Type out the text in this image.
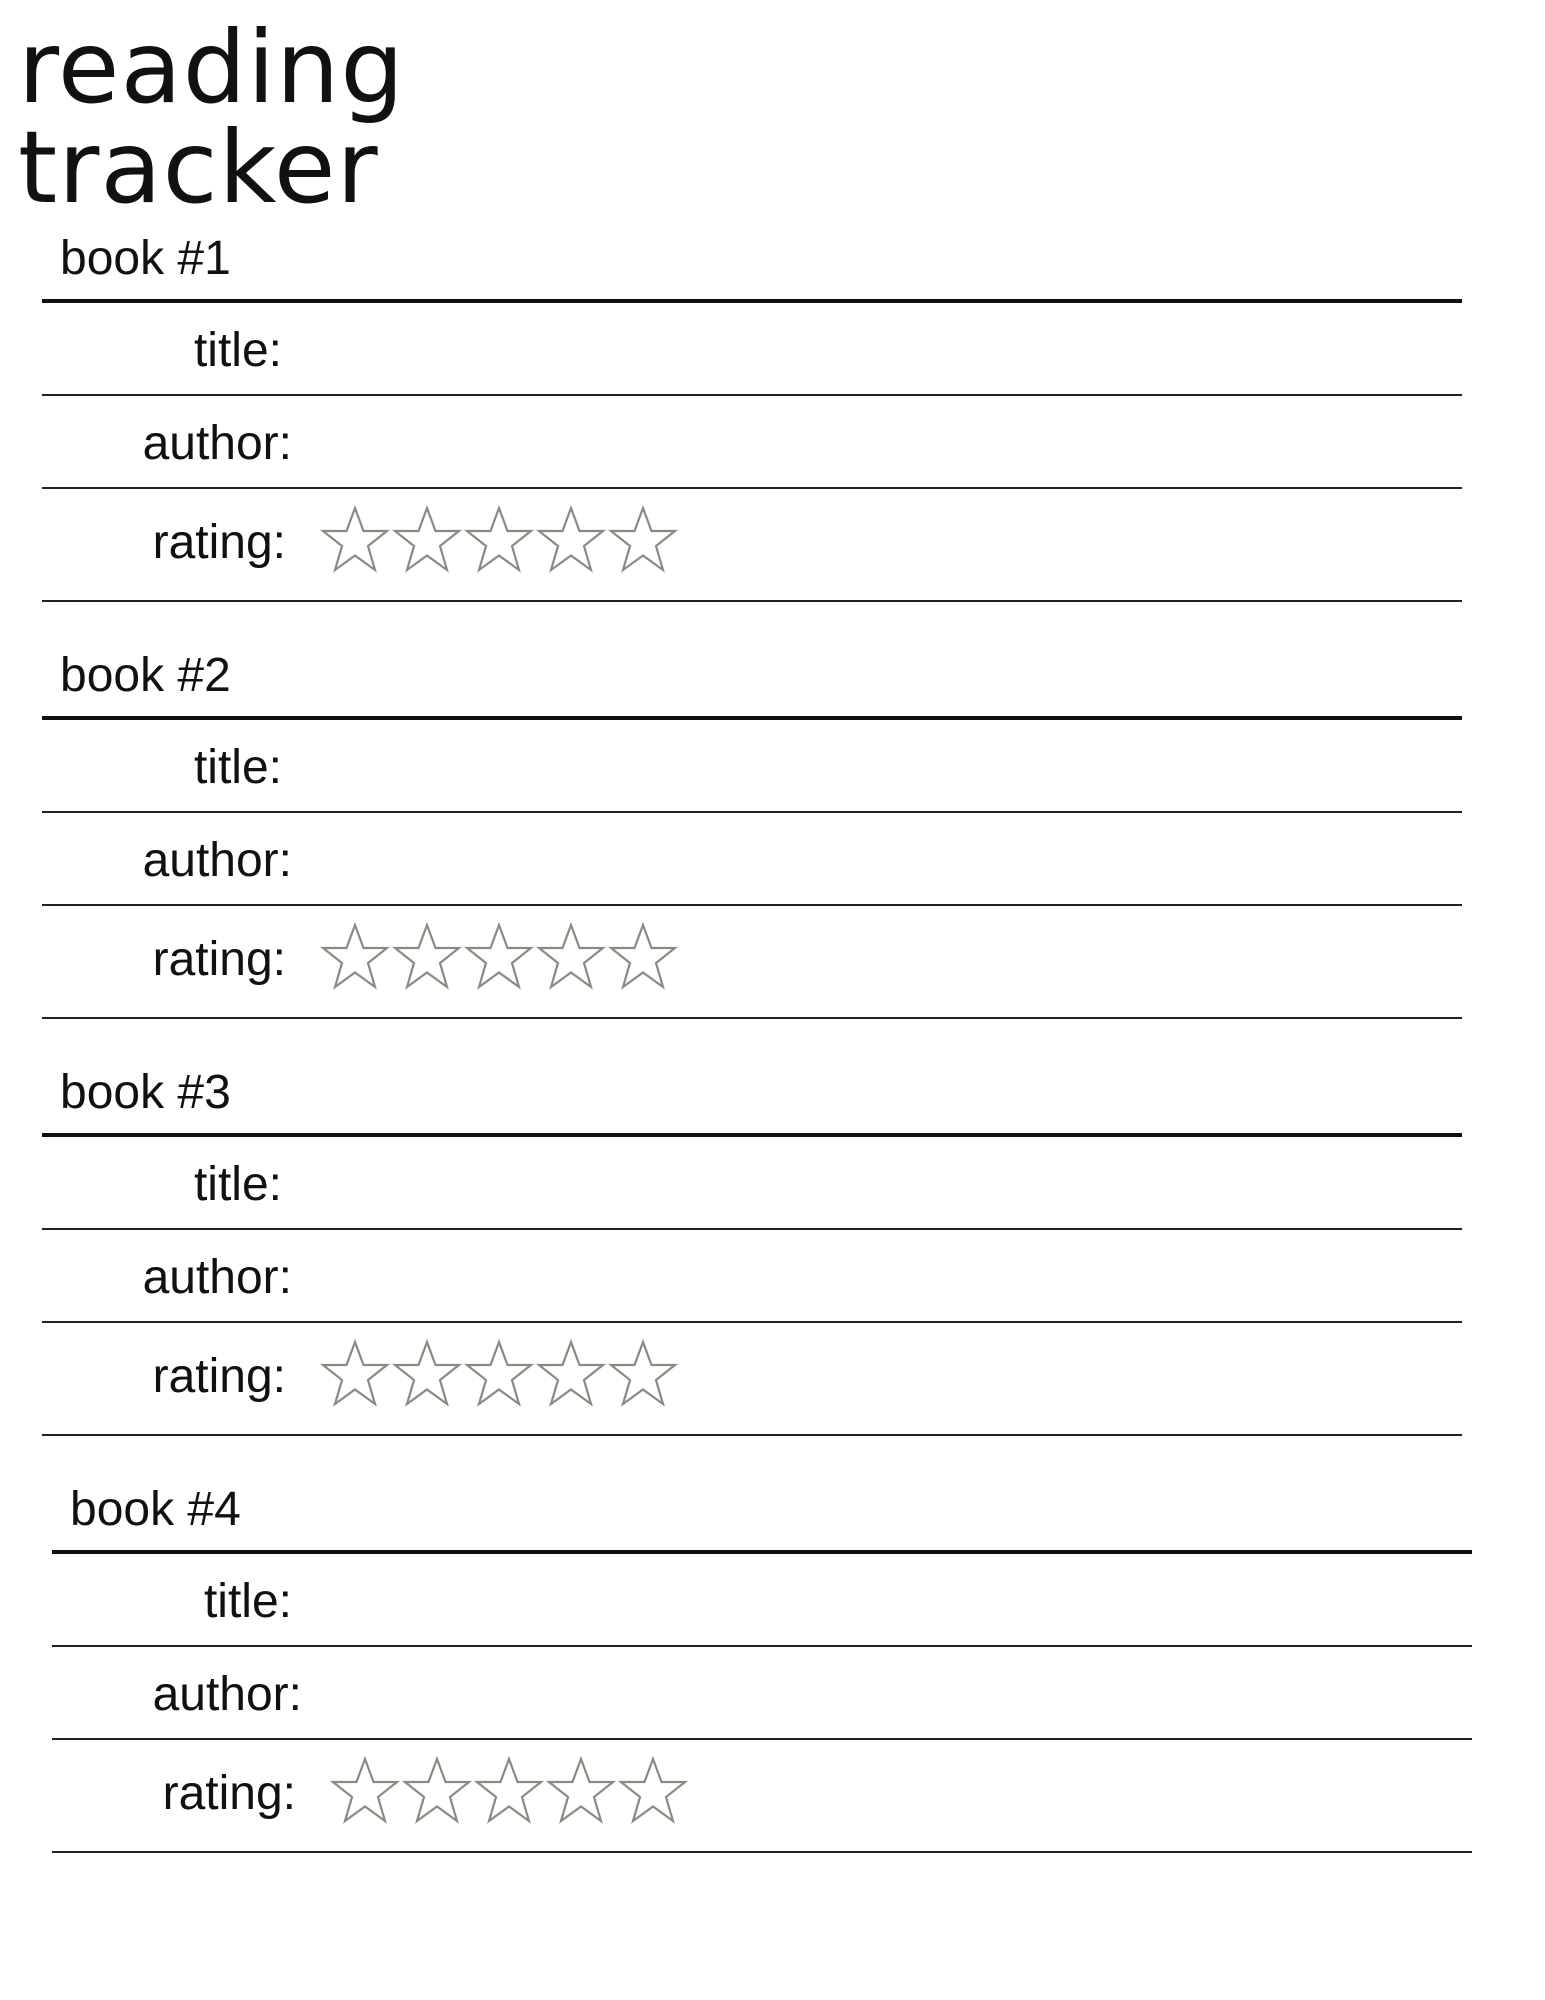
reading
tracker
book #1
title:
author:
rating:
book #2
title:
author:
rating:
book #3
title:
author:
rating:
book #4
title:
author:
rating:
